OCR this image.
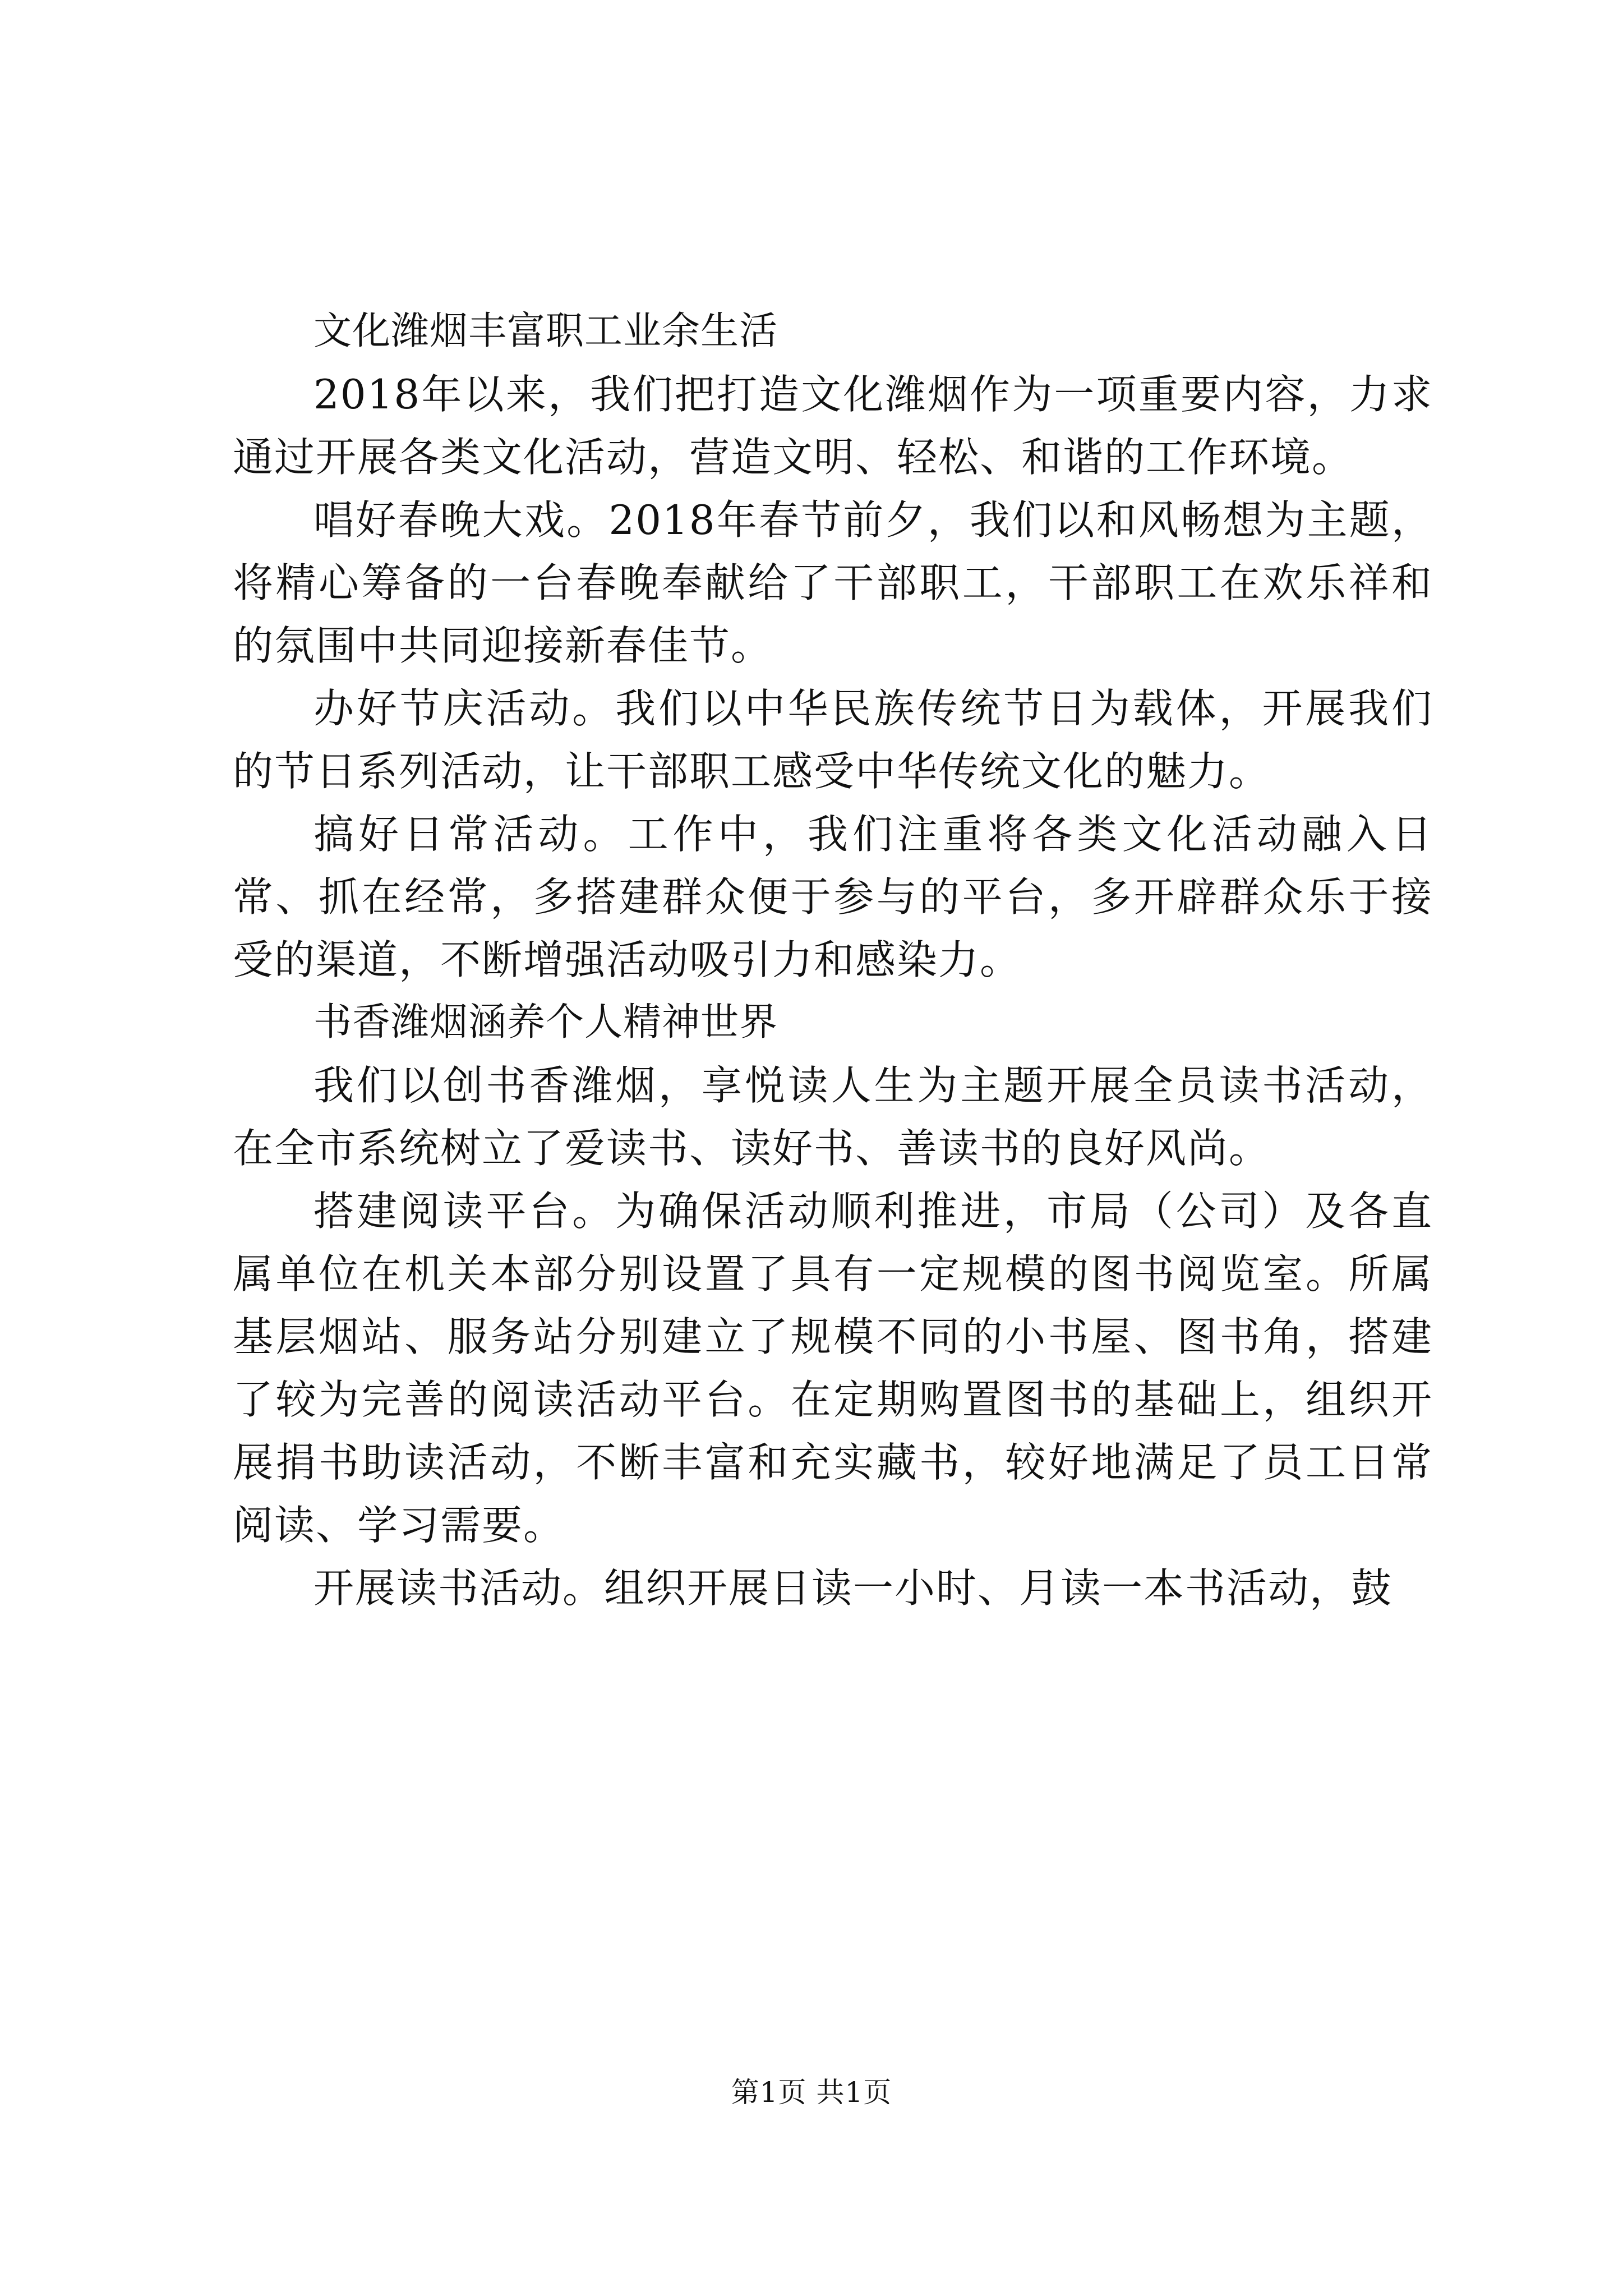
文化潍烟丰富职工业余生活

2018年以来，我们把打造文化潍烟作为一项重要内容，力求通过开展各类文化活动，营造文明、轻松、和谐的工作环境。

唱好春晚大戏。2018年春节前夕，我们以和风畅想为主题，将精心筹备的一台春晚奉献给了干部职工，干部职工在欢乐祥和的氛围中共同迎接新春佳节。

办好节庆活动。我们以中华民族传统节日为载体，开展我们的节日系列活动，让干部职工感受中华传统文化的魅力。

搞好日常活动。工作中，我们注重将各类文化活动融入日常、抓在经常，多搭建群众便于参与的平台，多开辟群众乐于接受的渠道，不断增强活动吸引力和感染力。

书香潍烟涵养个人精神世界

我们以创书香潍烟，享悦读人生为主题开展全员读书活动，在全市系统树立了爱读书、读好书、善读书的良好风尚。

搭建阅读平台。为确保活动顺利推进，市局（公司）及各直属单位在机关本部分别设置了具有一定规模的图书阅览室。所属基层烟站、服务站分别建立了规模不同的小书屋、图书角，搭建了较为完善的阅读活动平台。在定期购置图书的基础上，组织开展捐书助读活动，不断丰富和充实藏书，较好地满足了员工日常阅读、学习需要。

开展读书活动。组织开展日读一小时、月读一本书活动，鼓

第1页 共1页
